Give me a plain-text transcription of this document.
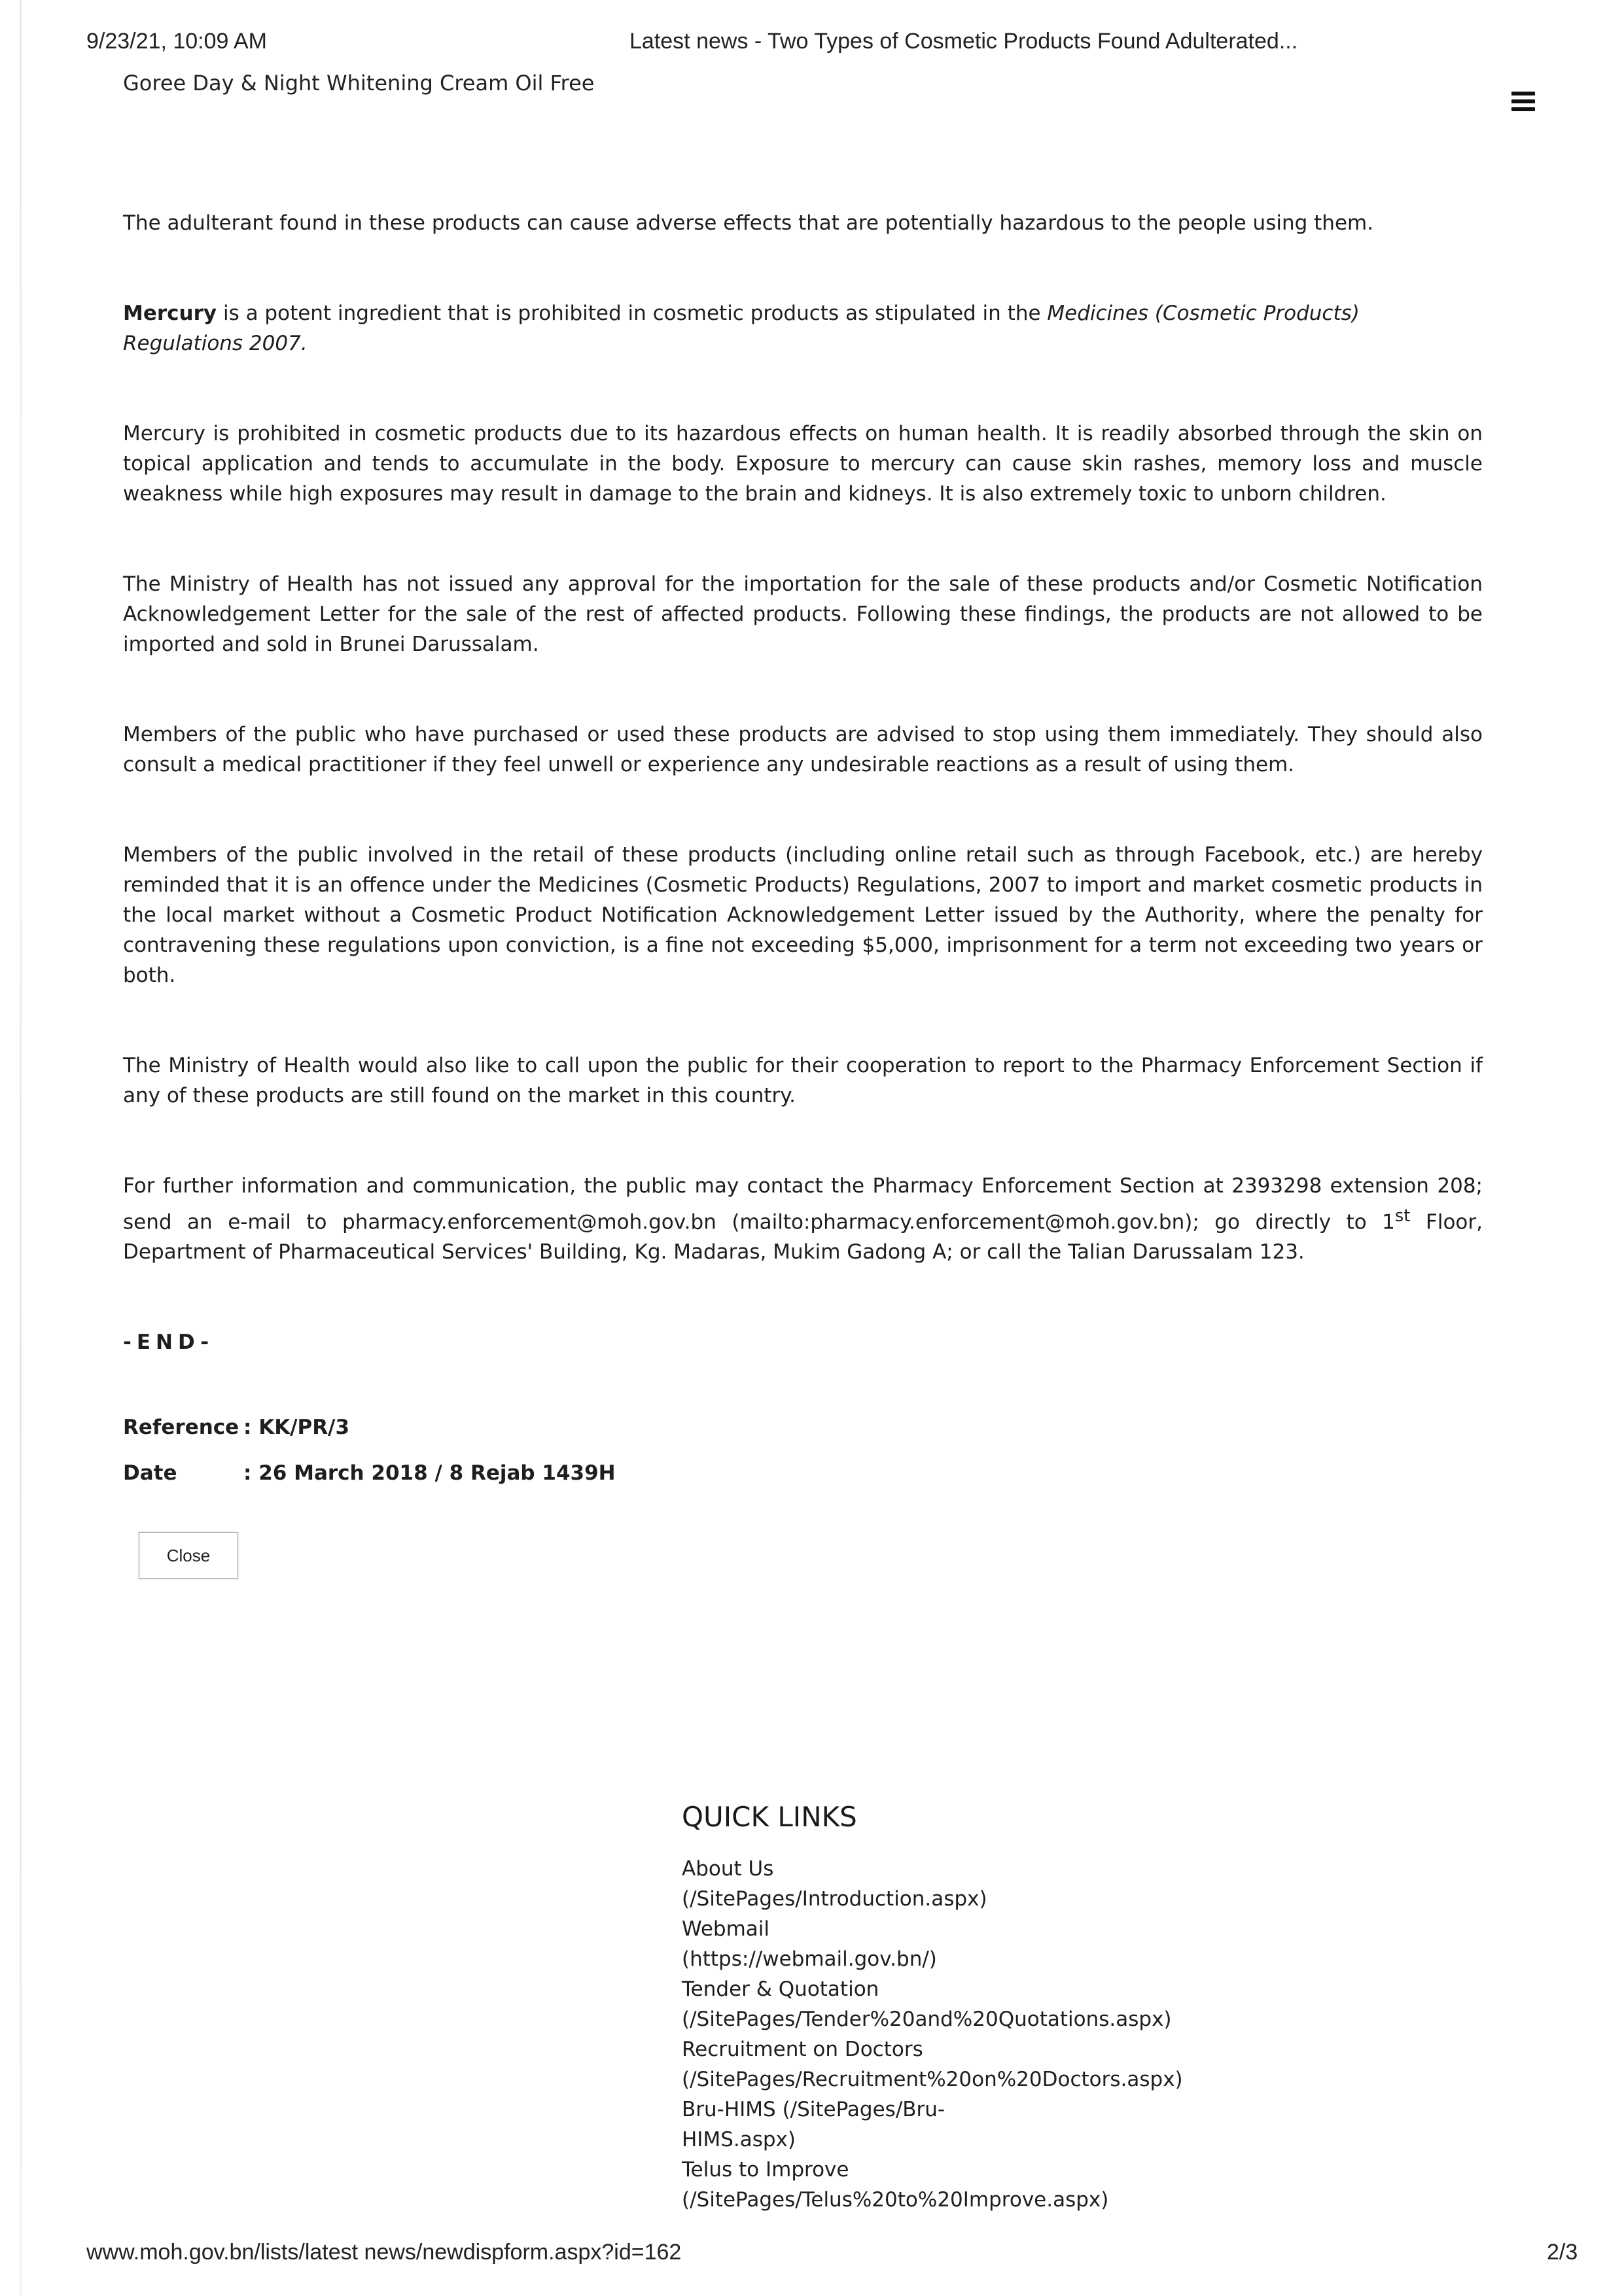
9/23/21, 10:09 AM	Latest news - Two Types of Cosmetic Products Found Adulterated...
Goree Day & Night Whitening Cream Oil Free

The adulterant found in these products can cause adverse effects that are potentially hazardous to the people using them.

Mercury is a potent ingredient that is prohibited in cosmetic products as stipulated in the Medicines (Cosmetic Products) Regulations 2007.

Mercury is prohibited in cosmetic products due to its hazardous effects on human health. It is readily absorbed through the skin on topical application and tends to accumulate in the body. Exposure to mercury can cause skin rashes, memory loss and muscle weakness while high exposures may result in damage to the brain and kidneys. It is also extremely toxic to unborn children.

The Ministry of Health has not issued any approval for the importation for the sale of these products and/or Cosmetic Notification Acknowledgement Letter for the sale of the rest of affected products. Following these findings, the products are not allowed to be imported and sold in Brunei Darussalam.

Members of the public who have purchased or used these products are advised to stop using them immediately. They should also consult a medical practitioner if they feel unwell or experience any undesirable reactions as a result of using them.

Members of the public involved in the retail of these products (including online retail such as through Facebook, etc.) are hereby reminded that it is an offence under the Medicines (Cosmetic Products) Regulations, 2007 to import and market cosmetic products in the local market without a Cosmetic Product Notification Acknowledgement Letter issued by the Authority, where the penalty for contravening these regulations upon conviction, is a fine not exceeding $5,000, imprisonment for a term not exceeding two years or both.

The Ministry of Health would also like to call upon the public for their cooperation to report to the Pharmacy Enforcement Section if any of these products are still found on the market in this country.

For further information and communication, the public may contact the Pharmacy Enforcement Section at 2393298 extension 208; send an e-mail to pharmacy.enforcement@moh.gov.bn (mailto:pharmacy.enforcement@moh.gov.bn); go directly to 1st Floor, Department of Pharmaceutical Services' Building, Kg. Madaras, Mukim Gadong A; or call the Talian Darussalam 123.

-END-
Reference : KK/PR/3
Date	: 26 March 2018 / 8 Rejab 1439H
Close
QUICK LINKS
About Us
(/SitePages/Introduction.aspx)
Webmail
(https://webmail.gov.bn/)
Tender & Quotation
(/SitePages/Tender%20and%20Quotations.aspx)
Recruitment on Doctors
(/SitePages/Recruitment%20on%20Doctors.aspx)
Bru-HIMS (/SitePages/Bru-
HIMS.aspx)
Telus to Improve
(/SitePages/Telus%20to%20Improve.aspx)
www.moh.gov.bn/lists/latest news/newdispform.aspx?id=162	2/3
